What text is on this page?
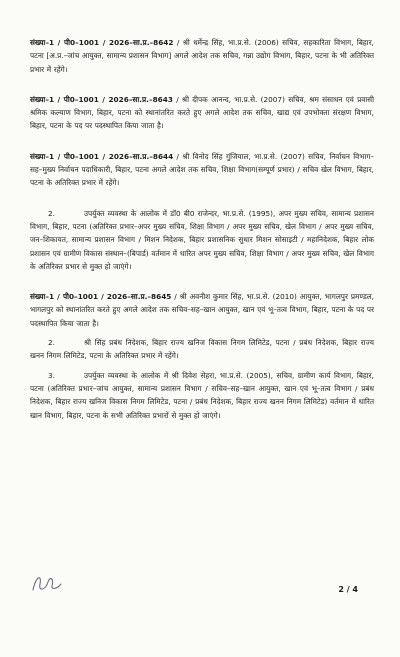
संख्या–1 / पी0–1001 / 2026–सा.प्र.–8642 / श्री धर्मेन्द्र सिंह, भा.प्र.से. (2006) सचिव, सहकारिता विभाग, बिहार, पटना [अ.प्र.–जांच आयुक्त, सामान्य प्रशासन विभाग] अगले आदेश तक सचिव, गन्ना उद्योग विभाग, बिहार, पटना के भी अतिरिक्त प्रभार में रहेंगे।

संख्या–1 / पी0–1001 / 2026–सा.प्र.–8643 / श्री दीपक आनन्द, भा.प्र.से. (2007) सचिव, श्रम संसाधन एवं प्रवासी श्रमिक कल्याण विभाग, बिहार, पटना को स्थानांतरित करते हुए अगले आदेश तक सचिव, खाद्य एवं उपभोक्ता संरक्षण विभाग, बिहार, पटना के पद पर पदस्थापित किया जाता है।

संख्या–1 / पी0–1001 / 2026–सा.प्र.–8644 / श्री विनोद सिंह गुंजियाल, भा.प्र.से. (2007) सचिव, निर्वाचन विभाग–सह–मुख्य निर्वाचन पदाधिकारी, बिहार, पटना अगले आदेश तक सचिव, शिक्षा विभाग(सम्पूर्ण प्रभार) / सचिव खेल विभाग, बिहार, पटना के अतिरिक्त प्रभार में रहेंगे।

2.	उपर्युक्त व्यवस्था के आलोक में डॉ0 बी0 राजेन्दर, भा.प्र.से. (1995), अपर मुख्य सचिव, सामान्य प्रशासन विभाग, बिहार, पटना (अतिरिक्त प्रभार–अपर मुख्य सचिव, शिक्षा विभाग / अपर मुख्य सचिव, खेल विभाग / अपर मुख्य सचिव, जन–शिकायत, सामान्य प्रशासन विभाग / मिशन निदेशक, बिहार प्रशासनिक सुधार मिशन सोसाइटी / महानिदेशक, बिहार लोक प्रशासन एवं ग्रामीण विकास संस्थान–(बिपार्ड) वर्तमान में धारित अपर मुख्य सचिव, शिक्षा विभाग / अपर मुख्य सचिव, खेल विभाग के अतिरिक्त प्रभार से मुक्त हो जाएंगे।

संख्या–1 / पी0–1001 / 2026–सा.प्र.–8645 / श्री अवनीश कुमार सिंह, भा.प्र.से. (2010) आयुक्त, भागलपुर प्रमण्डल, भागलपुर को स्थानांतरित करते हुए अगले आदेश तक सचिव–सह–खान आयुक्त, खान एवं भू–तत्व विभाग, बिहार, पटना के पद पर पदस्थापित किया जाता है।

2.	श्री सिंह प्रबंध निदेशक, बिहार राज्य खनिज विकास निगम लिमिटेड, पटना / प्रबंध निदेशक, बिहार राज्य खनन निगम लिमिटेड, पटना के अतिरिक्त प्रभार में रहेंगे।

3.	उपर्युक्त व्यवस्था के आलोक में श्री दिवेश सेहरा, भा.प्र.से. (2005), सचिव, ग्रामीण कार्य विभाग, बिहार, पटना (अतिरिक्त प्रभार–जांच आयुक्त, सामान्य प्रशासन विभाग / सचिव–सह–खान आयुक्त, खान एवं भू–तत्व विभाग / प्रबंध निदेशक, बिहार राज्य खनिज विकास निगम लिमिटेड, पटना / प्रबंध निदेशक, बिहार राज्य खनन निगम लिमिटेड) वर्तमान में धारित खान विभाग, बिहार, पटना के सभी अतिरिक्त प्रभारों से मुक्त हो जाएंगे।

2 / 4
